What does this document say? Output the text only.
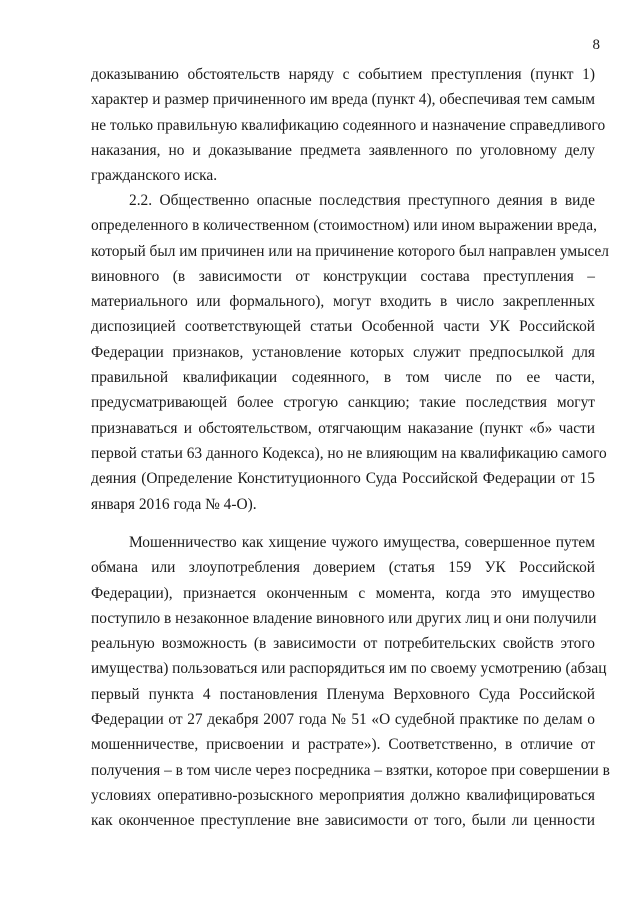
8
доказыванию обстоятельств наряду с событием преступления (пункт 1)
характер и размер причиненного им вреда (пункт 4), обеспечивая тем самым
не только правильную квалификацию содеянного и назначение справедливого
наказания, но и доказывание предмета заявленного по уголовному делу
гражданского иска.
2.2. Общественно опасные последствия преступного деяния в виде
определенного в количественном (стоимостном) или ином выражении вреда,
который был им причинен или на причинение которого был направлен умысел
виновного (в зависимости от конструкции состава преступления –
материального или формального), могут входить в число закрепленных
диспозицией соответствующей статьи Особенной части УК Российской
Федерации признаков, установление которых служит предпосылкой для
правильной квалификации содеянного, в том числе по ее части,
предусматривающей более строгую санкцию; такие последствия могут
признаваться и обстоятельством, отягчающим наказание (пункт «б» части
первой статьи 63 данного Кодекса), но не влияющим на квалификацию самого
деяния (Определение Конституционного Суда Российской Федерации от 15
января 2016 года № 4-О).
Мошенничество как хищение чужого имущества, совершенное путем
обмана или злоупотребления доверием (статья 159 УК Российской
Федерации), признается оконченным с момента, когда это имущество
поступило в незаконное владение виновного или других лиц и они получили
реальную возможность (в зависимости от потребительских свойств этого
имущества) пользоваться или распорядиться им по своему усмотрению (абзац
первый пункта 4 постановления Пленума Верховного Суда Российской
Федерации от 27 декабря 2007 года № 51 «О судебной практике по делам о
мошенничестве, присвоении и растрате»). Соответственно, в отличие от
получения – в том числе через посредника – взятки, которое при совершении в
условиях оперативно-розыскного мероприятия должно квалифицироваться
как оконченное преступление вне зависимости от того, были ли ценности
